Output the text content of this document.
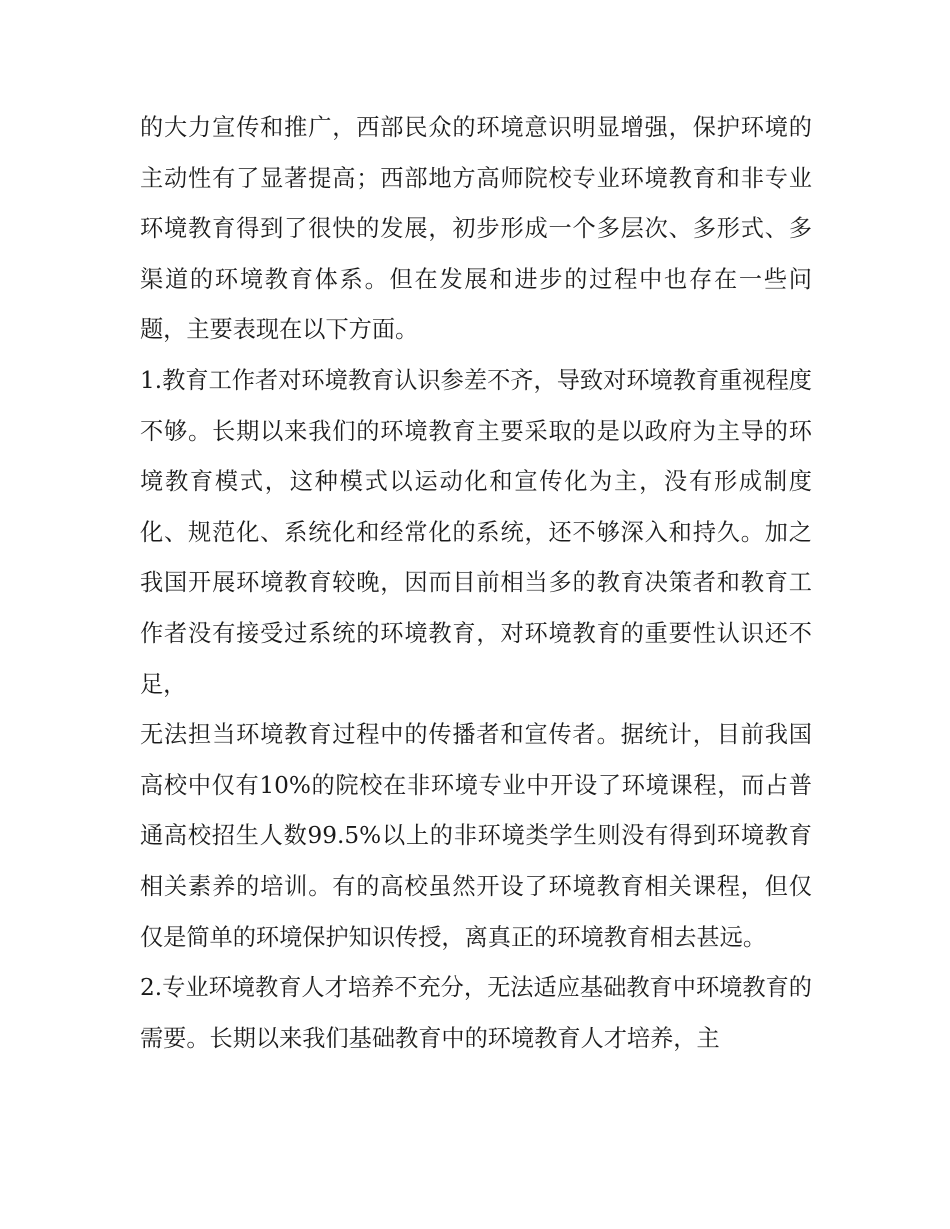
的大力宣传和推广，西部民众的环境意识明显增强，保护环境的主动性有了显著提高；西部地方高师院校专业环境教育和非专业环境教育得到了很快的发展，初步形成一个多层次、多形式、多渠道的环境教育体系。但在发展和进步的过程中也存在一些问题，主要表现在以下方面。

1.教育工作者对环境教育认识参差不齐，导致对环境教育重视程度不够。长期以来我们的环境教育主要采取的是以政府为主导的环境教育模式，这种模式以运动化和宣传化为主，没有形成制度化、规范化、系统化和经常化的系统，还不够深入和持久。加之我国开展环境教育较晚，因而目前相当多的教育决策者和教育工作者没有接受过系统的环境教育，对环境教育的重要性认识还不足，

无法担当环境教育过程中的传播者和宣传者。据统计，目前我国高校中仅有10%的院校在非环境专业中开设了环境课程，而占普通高校招生人数99.5%以上的非环境类学生则没有得到环境教育相关素养的培训。有的高校虽然开设了环境教育相关课程，但仅仅是简单的环境保护知识传授，离真正的环境教育相去甚远。

2.专业环境教育人才培养不充分，无法适应基础教育中环境教育的需要。长期以来我们基础教育中的环境教育人才培养，主
